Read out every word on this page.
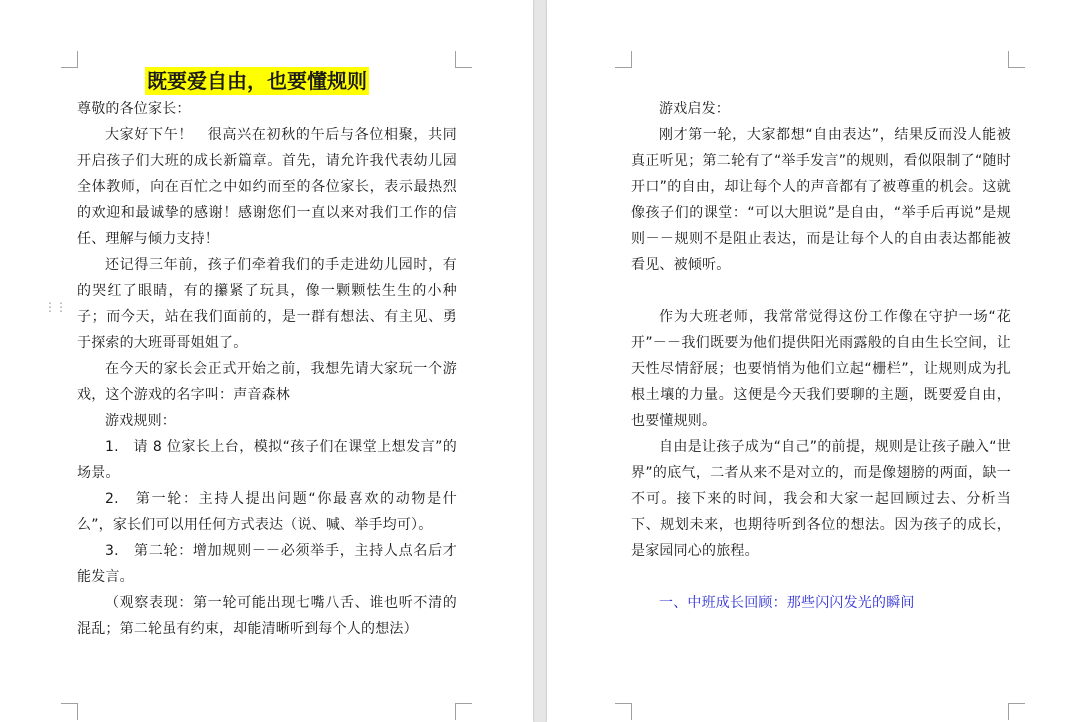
既要爱自由，也要懂规则
⋮⋮

尊敬的各位家长：

大家好下午！　很高兴在初秋的午后与各位相聚，共同开启孩子们大班的成长新篇章。首先，请允许我代表幼儿园全体教师，向在百忙之中如约而至的各位家长，表示最热烈的欢迎和最诚挚的感谢！感谢您们一直以来对我们工作的信任、理解与倾力支持！

还记得三年前，孩子们牵着我们的手走进幼儿园时，有的哭红了眼睛，有的攥紧了玩具，像一颗颗怯生生的小种子；而今天，站在我们面前的，是一群有想法、有主见、勇于探索的大班哥哥姐姐了。

在今天的家长会正式开始之前，我想先请大家玩一个游戏，这个游戏的名字叫：声音森林

游戏规则：

1.　请 8 位家长上台，模拟“孩子们在课堂上想发言”的场景。

2.　第一轮：主持人提出问题“你最喜欢的动物是什么”，家长们可以用任何方式表达（说、喊、举手均可）。

3.　第二轮：增加规则－－必须举手，主持人点名后才能发言。

（观察表现：第一轮可能出现七嘴八舌、谁也听不清的混乱；第二轮虽有约束，却能清晰听到每个人的想法）

游戏启发：

刚才第一轮，大家都想“自由表达”，结果反而没人能被真正听见；第二轮有了“举手发言”的规则，看似限制了“随时开口”的自由，却让每个人的声音都有了被尊重的机会。这就像孩子们的课堂：“可以大胆说”是自由，“举手后再说”是规则－－规则不是阻止表达，而是让每个人的自由表达都能被看见、被倾听。

作为大班老师，我常常觉得这份工作像在守护一场“花开”－－我们既要为他们提供阳光雨露般的自由生长空间，让天性尽情舒展；也要悄悄为他们立起“栅栏”，让规则成为扎根土壤的力量。这便是今天我们要聊的主题，既要爱自由，也要懂规则。

自由是让孩子成为“自己”的前提，规则是让孩子融入“世界”的底气，二者从来不是对立的，而是像翅膀的两面，缺一不可。接下来的时间，我会和大家一起回顾过去、分析当下、规划未来，也期待听到各位的想法。因为孩子的成长，是家园同心的旅程。

一、中班成长回顾：那些闪闪发光的瞬间
